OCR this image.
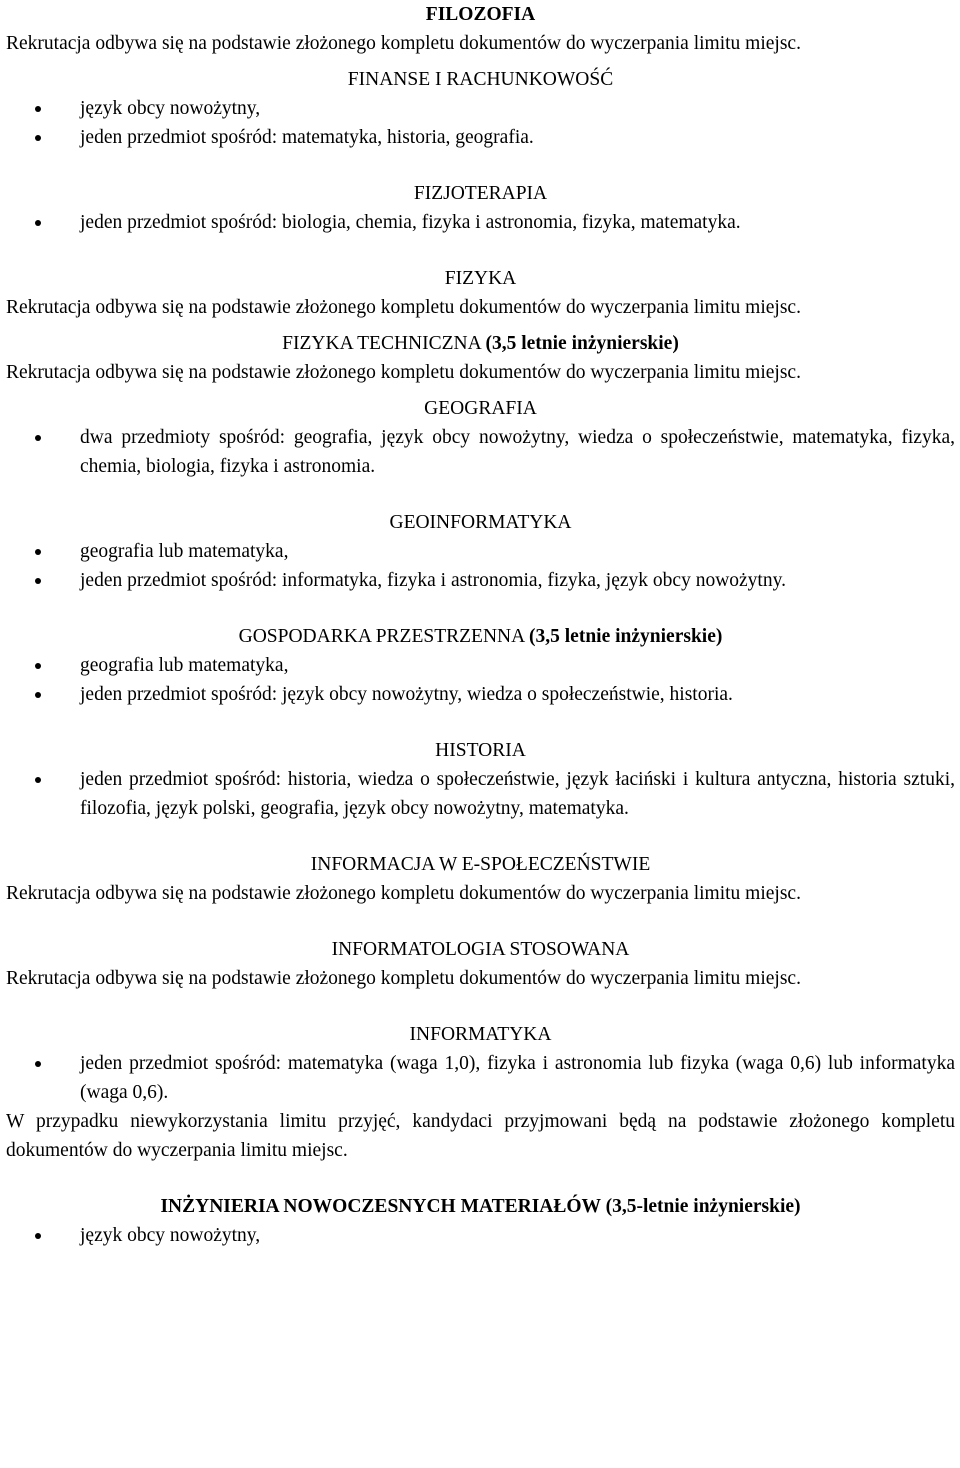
FILOZOFIA

Rekrutacja odbywa się na podstawie złożonego kompletu dokumentów do wyczerpania limitu miejsc.

FINANSE I RACHUNKOWOŚĆ

język obcy nowożytny,
jeden przedmiot spośród: matematyka, historia, geografia.

FIZJOTERAPIA

jeden przedmiot spośród: biologia, chemia, fizyka i astronomia, fizyka, matematyka.

FIZYKA

Rekrutacja odbywa się na podstawie złożonego kompletu dokumentów do wyczerpania limitu miejsc.

FIZYKA TECHNICZNA (3,5 letnie inżynierskie)

Rekrutacja odbywa się na podstawie złożonego kompletu dokumentów do wyczerpania limitu miejsc.

GEOGRAFIA

dwa przedmioty spośród: geografia, język obcy nowożytny, wiedza o społeczeństwie, matematyka, fizyka, chemia, biologia, fizyka i astronomia.

GEOINFORMATYKA

geografia lub matematyka,
jeden przedmiot spośród: informatyka, fizyka i astronomia, fizyka, język obcy nowożytny.

GOSPODARKA PRZESTRZENNA (3,5 letnie inżynierskie)

geografia lub matematyka,
jeden przedmiot spośród: język obcy nowożytny, wiedza o społeczeństwie, historia.

HISTORIA

jeden przedmiot spośród: historia, wiedza o społeczeństwie, język łaciński i kultura antyczna, historia sztuki, filozofia, język polski, geografia, język obcy nowożytny, matematyka.

INFORMACJA W E-SPOŁECZEŃSTWIE

Rekrutacja odbywa się na podstawie złożonego kompletu dokumentów do wyczerpania limitu miejsc.

INFORMATOLOGIA STOSOWANA

Rekrutacja odbywa się na podstawie złożonego kompletu dokumentów do wyczerpania limitu miejsc.

INFORMATYKA

jeden przedmiot spośród: matematyka (waga 1,0), fizyka i astronomia lub fizyka (waga 0,6) lub informatyka (waga 0,6).

W przypadku niewykorzystania limitu przyjęć, kandydaci przyjmowani będą na podstawie złożonego kompletu dokumentów do wyczerpania limitu miejsc.

INŻYNIERIA NOWOCZESNYCH MATERIAŁÓW (3,5-letnie inżynierskie)

język obcy nowożytny,
